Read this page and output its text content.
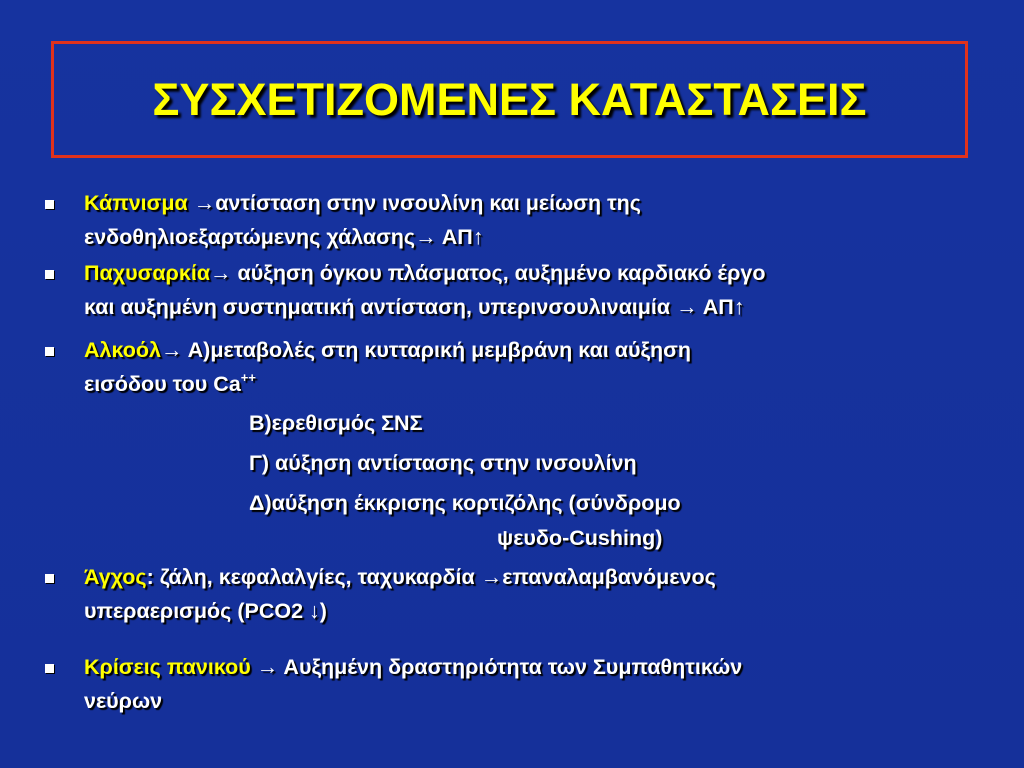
ΣΥΣΧΕΤΙΖΟΜΕΝΕΣ ΚΑΤΑΣΤΑΣΕΙΣ
Κάπνισμα →αντίσταση στην ινσουλίνη και μείωση της
ενδοθηλιοεξαρτώμενης χάλασης→ ΑΠ↑
Παχυσαρκία→ αύξηση όγκου πλάσματος, αυξημένο καρδιακό έργο
και αυξημένη συστηματική αντίσταση, υπερινσουλιναιμία → ΑΠ↑
Αλκοόλ→ Α)μεταβολές στη κυτταρική μεμβράνη και αύξηση
εισόδου του Ca++
Β)ερεθισμός ΣΝΣ
Γ) αύξηση αντίστασης στην ινσουλίνη
Δ)αύξηση έκκρισης κορτιζόλης (σύνδρομο
ψευδο-Cushing)
Άγχος: ζάλη, κεφαλαλγίες, ταχυκαρδία →επαναλαμβανόμενος
υπεραερισμός (PCO2 ↓)
Κρίσεις πανικού → Αυξημένη δραστηριότητα των Συμπαθητικών
νεύρων
